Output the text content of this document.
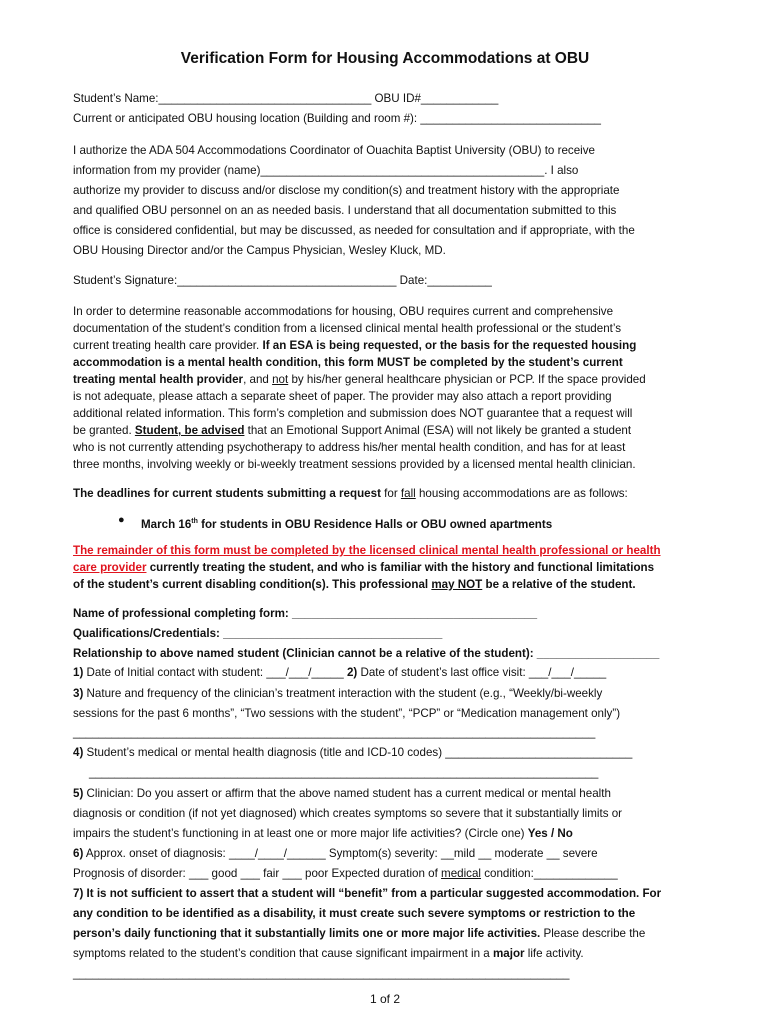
Verification Form for Housing Accommodations at OBU
Student’s Name:_________________________________ OBU ID#____________
Current or anticipated OBU housing location (Building and room #): ____________________________
I authorize the ADA 504 Accommodations Coordinator of Ouachita Baptist University (OBU) to receive
information from my provider (name)____________________________________________. I also
authorize my provider to discuss and/or disclose my condition(s) and treatment history with the appropriate
and qualified OBU personnel on an as needed basis. I understand that all documentation submitted to this
office is considered confidential, but may be discussed, as needed for consultation and if appropriate, with the
OBU Housing Director and/or the Campus Physician, Wesley Kluck, MD.
Student’s Signature:__________________________________ Date:__________
In order to determine reasonable accommodations for housing, OBU requires current and comprehensive
documentation of the student’s condition from a licensed clinical mental health professional or the student’s
current treating health care provider. If an ESA is being requested, or the basis for the requested housing
accommodation is a mental health condition, this form MUST be completed by the student’s current
treating mental health provider, and not by his/her general healthcare physician or PCP. If the space provided
is not adequate, please attach a separate sheet of paper. The provider may also attach a report providing
additional related information. This form’s completion and submission does NOT guarantee that a request will
be granted. Student, be advised that an Emotional Support Animal (ESA) will not likely be granted a student
who is not currently attending psychotherapy to address his/her mental health condition, and has for at least
three months, involving weekly or bi-weekly treatment sessions provided by a licensed mental health clinician.
The deadlines for current students submitting a request for fall housing accommodations are as follows:
● March 16th for students in OBU Residence Halls or OBU owned apartments
The remainder of this form must be completed by the licensed clinical mental health professional or health
care provider currently treating the student, and who is familiar with the history and functional limitations
of the student’s current disabling condition(s). This professional may NOT be a relative of the student.
Name of professional completing form: ______________________________________
Qualifications/Credentials: __________________________________
Relationship to above named student (Clinician cannot be a relative of the student): ___________________
1) Date of Initial contact with student: ___/___/_____ 2) Date of student’s last office visit: ___/___/_____
3) Nature and frequency of the clinician’s treatment interaction with the student (e.g., “Weekly/bi-weekly
sessions for the past 6 months”, “Two sessions with the student”, “PCP” or “Medication management only”)
_________________________________________________________________________________
4) Student’s medical or mental health diagnosis (title and ICD-10 codes) _____________________________
_______________________________________________________________________________
5) Clinician: Do you assert or affirm that the above named student has a current medical or mental health
diagnosis or condition (if not yet diagnosed) which creates symptoms so severe that it substantially limits or
impairs the student’s functioning in at least one or more major life activities? (Circle one) Yes / No
6) Approx. onset of diagnosis: ____/____/______ Symptom(s) severity: __mild __ moderate __ severe
Prognosis of disorder: ___ good ___ fair ___ poor Expected duration of medical condition:_____________
7) It is not sufficient to assert that a student will “benefit” from a particular suggested accommodation. For
any condition to be identified as a disability, it must create such severe symptoms or restriction to the
person’s daily functioning that it substantially limits one or more major life activities. Please describe the
symptoms related to the student’s condition that cause significant impairment in a major life activity.
_____________________________________________________________________________
1 of 2
